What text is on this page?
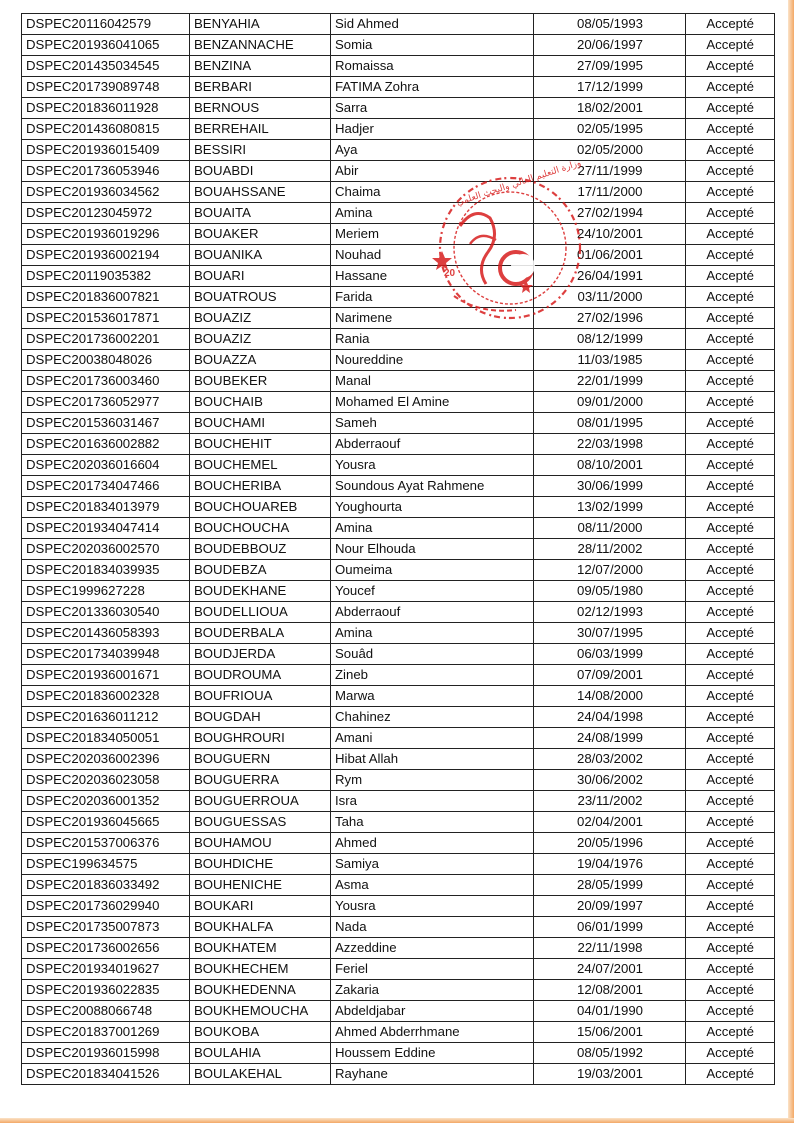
DSPEC20116042579	BENYAHIA	Sid Ahmed	08/05/1993	Accepté
DSPEC201936041065	BENZANNACHE	Somia	20/06/1997	Accepté
DSPEC201435034545	BENZINA	Romaissa	27/09/1995	Accepté
DSPEC201739089748	BERBARI	FATIMA Zohra	17/12/1999	Accepté
DSPEC201836011928	BERNOUS	Sarra	18/02/2001	Accepté
DSPEC201436080815	BERREHAIL	Hadjer	02/05/1995	Accepté
DSPEC201936015409	BESSIRI	Aya	02/05/2000	Accepté
DSPEC201736053946	BOUABDI	Abir	27/11/1999	Accepté
DSPEC201936034562	BOUAHSSANE	Chaima	17/11/2000	Accepté
DSPEC20123045972	BOUAITA	Amina	27/02/1994	Accepté
DSPEC201936019296	BOUAKER	Meriem	24/10/2001	Accepté
DSPEC201936002194	BOUANIKA	Nouhad	01/06/2001	Accepté
DSPEC20119035382	BOUARI	Hassane	26/04/1991	Accepté
DSPEC201836007821	BOUATROUS	Farida	03/11/2000	Accepté
DSPEC201536017871	BOUAZIZ	Narimene	27/02/1996	Accepté
DSPEC201736002201	BOUAZIZ	Rania	08/12/1999	Accepté
DSPEC20038048026	BOUAZZA	Noureddine	11/03/1985	Accepté
DSPEC201736003460	BOUBEKER	Manal	22/01/1999	Accepté
DSPEC201736052977	BOUCHAIB	Mohamed El Amine	09/01/2000	Accepté
DSPEC201536031467	BOUCHAMI	Sameh	08/01/1995	Accepté
DSPEC201636002882	BOUCHEHIT	Abderraouf	22/03/1998	Accepté
DSPEC202036016604	BOUCHEMEL	Yousra	08/10/2001	Accepté
DSPEC201734047466	BOUCHERIBA	Soundous Ayat Rahmene	30/06/1999	Accepté
DSPEC201834013979	BOUCHOUAREB	Youghourta	13/02/1999	Accepté
DSPEC201934047414	BOUCHOUCHA	Amina	08/11/2000	Accepté
DSPEC202036002570	BOUDEBBOUZ	Nour Elhouda	28/11/2002	Accepté
DSPEC201834039935	BOUDEBZA	Oumeima	12/07/2000	Accepté
DSPEC1999627228	BOUDEKHANE	Youcef	09/05/1980	Accepté
DSPEC201336030540	BOUDELLIOUA	Abderraouf	02/12/1993	Accepté
DSPEC201436058393	BOUDERBALA	Amina	30/07/1995	Accepté
DSPEC201734039948	BOUDJERDA	Souâd	06/03/1999	Accepté
DSPEC201936001671	BOUDROUMA	Zineb	07/09/2001	Accepté
DSPEC201836002328	BOUFRIOUA	Marwa	14/08/2000	Accepté
DSPEC201636011212	BOUGDAH	Chahinez	24/04/1998	Accepté
DSPEC201834050051	BOUGHROURI	Amani	24/08/1999	Accepté
DSPEC202036002396	BOUGUERN	Hibat Allah	28/03/2002	Accepté
DSPEC202036023058	BOUGUERRA	Rym	30/06/2002	Accepté
DSPEC202036001352	BOUGUERROUA	Isra	23/11/2002	Accepté
DSPEC201936045665	BOUGUESSAS	Taha	02/04/2001	Accepté
DSPEC201537006376	BOUHAMOU	Ahmed	20/05/1996	Accepté
DSPEC199634575	BOUHDICHE	Samiya	19/04/1976	Accepté
DSPEC201836033492	BOUHENICHE	Asma	28/05/1999	Accepté
DSPEC201736029940	BOUKARI	Yousra	20/09/1997	Accepté
DSPEC201735007873	BOUKHALFA	Nada	06/01/1999	Accepté
DSPEC201736002656	BOUKHATEM	Azzeddine	22/11/1998	Accepté
DSPEC201934019627	BOUKHECHEM	Feriel	24/07/2001	Accepté
DSPEC201936022835	BOUKHEDENNA	Zakaria	12/08/2001	Accepté
DSPEC20088066748	BOUKHEMOUCHA	Abdeldjabar	04/01/1990	Accepté
DSPEC201837001269	BOUKOBA	Ahmed Abderrhmane	15/06/2001	Accepté
DSPEC201936015998	BOULAHIA	Houssem Eddine	08/05/1992	Accepté
DSPEC201834041526	BOULAKEHAL	Rayhane	19/03/2001	Accepté
20
وزارة التعليم العالي والبحث العلمي
